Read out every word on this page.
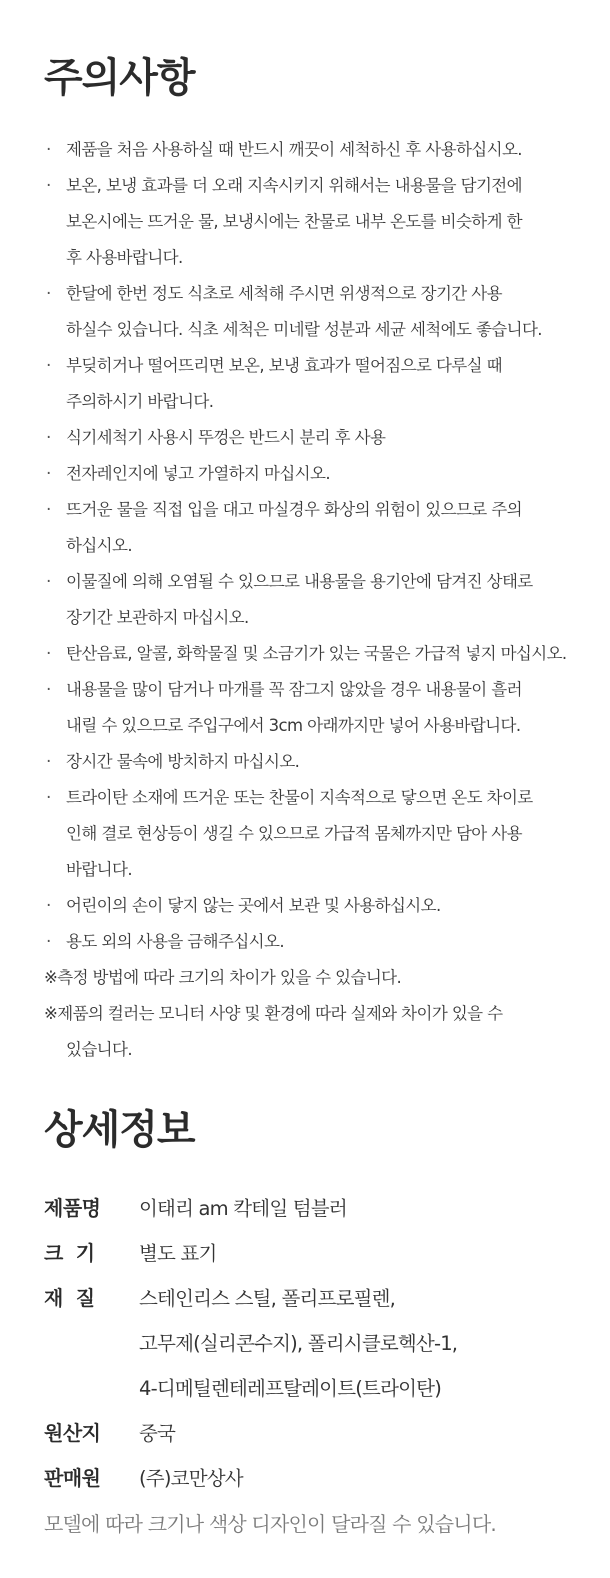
주의사항
· 제품을 처음 사용하실 때 반드시 깨끗이 세척하신 후 사용하십시오.
· 보온, 보냉 효과를 더 오래 지속시키지 위해서는 내용물을 담기전에
보온시에는 뜨거운 물, 보냉시에는 찬물로 내부 온도를 비슷하게 한
후 사용바랍니다.
· 한달에 한번 정도 식초로 세척해 주시면 위생적으로 장기간 사용
하실수 있습니다. 식초 세척은 미네랄 성분과 세균 세척에도 좋습니다.
· 부딪히거나 떨어뜨리면 보온, 보냉 효과가 떨어짐으로 다루실 때
주의하시기 바랍니다.
· 식기세척기 사용시 뚜껑은 반드시 분리 후 사용
· 전자레인지에 넣고 가열하지 마십시오.
· 뜨거운 물을 직접 입을 대고 마실경우 화상의 위험이 있으므로 주의
하십시오.
· 이물질에 의해 오염될 수 있으므로 내용물을 용기안에 담겨진 상태로
장기간 보관하지 마십시오.
· 탄산음료, 알콜, 화학물질 및 소금기가 있는 국물은 가급적 넣지 마십시오.
· 내용물을 많이 담거나 마개를 꼭 잠그지 않았을 경우 내용물이 흘러
내릴 수 있으므로 주입구에서 3cm 아래까지만 넣어 사용바랍니다.
· 장시간 물속에 방치하지 마십시오.
· 트라이탄 소재에 뜨거운 또는 찬물이 지속적으로 닿으면 온도 차이로
인해 결로 현상등이 생길 수 있으므로 가급적 몸체까지만 담아 사용
바랍니다.
· 어린이의 손이 닿지 않는 곳에서 보관 및 사용하십시오.
· 용도 외의 사용을 금해주십시오.
※측정 방법에 따라 크기의 차이가 있을 수 있습니다.
※제품의 컬러는 모니터 사양 및 환경에 따라 실제와 차이가 있을 수
있습니다.
상세정보
제품명	이태리 am 칵테일 텀블러
크  기	별도 표기
재  질	스테인리스 스틸, 폴리프로필렌,
고무제(실리콘수지), 폴리시클로헥산-1,
4-디메틸렌테레프탈레이트(트라이탄)
원산지	중국
판매원	(주)코만상사
모델에 따라 크기나 색상 디자인이 달라질 수 있습니다.
